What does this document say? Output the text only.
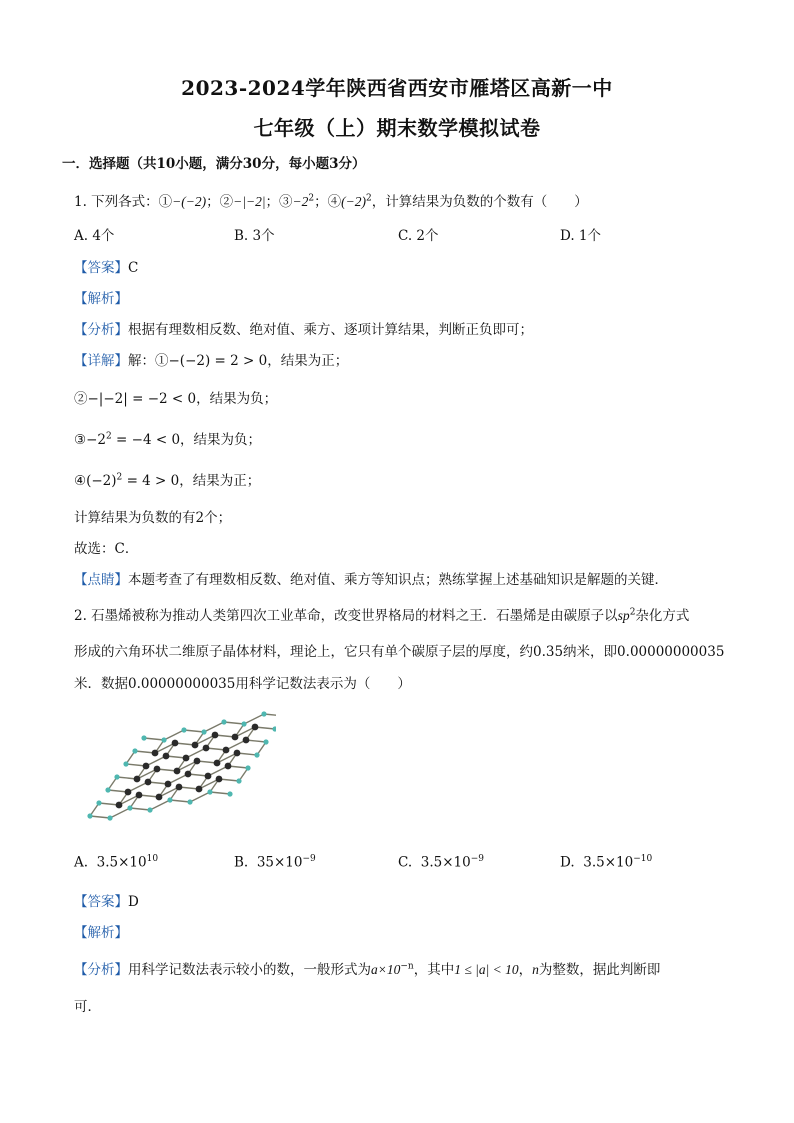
2023-2024学年陕西省西安市雁塔区高新一中
七年级（上）期末数学模拟试卷
一．选择题（共10小题，满分30分，每小题3分）
1. 下列各式：①−(−2)；②−|−2|；$③-2^2$；$④(-2)^2$，计算结果为负数的个数有（　　）
A. 4个	B. 3个	C. 2个	D. 1个
【答案】C
【解析】
【分析】根据有理数相反数、绝对值、乘方、逐项计算结果，判断正负即可；
【详解】解：①−(−2) = 2 > 0，结果为正；
②−|−2| = −2 < 0，结果为负；
$③-2^2 = -4 < 0$，结果为负；
$④(-2)^2 = 4 > 0$，结果为正；
计算结果为负数的有2个；
故选：C．
【点睛】本题考查了有理数相反数、绝对值、乘方等知识点；熟练掌握上述基础知识是解题的关键．
2. 石墨烯被称为推动人类第四次工业革命，改变世界格局的材料之王．石墨烯是由碳原子以$sp^2$杂化方式
形成的六角环状二维原子晶体材料，理论上，它只有单个碳原子层的厚度，约0.35纳米，即0.00000000035
米．数据0.00000000035用科学记数法表示为（　　）
A. $3.5\times 10^{10}$	B. $35\times 10^{-9}$	C. $3.5\times 10^{-9}$	D. $3.5\times 10^{-10}$
【答案】D
【解析】
【分析】用科学记数法表示较小的数，一般形式为$a\times 10^{-n}$，其中1 ≤ |a| < 10，n为整数，据此判断即
可．
